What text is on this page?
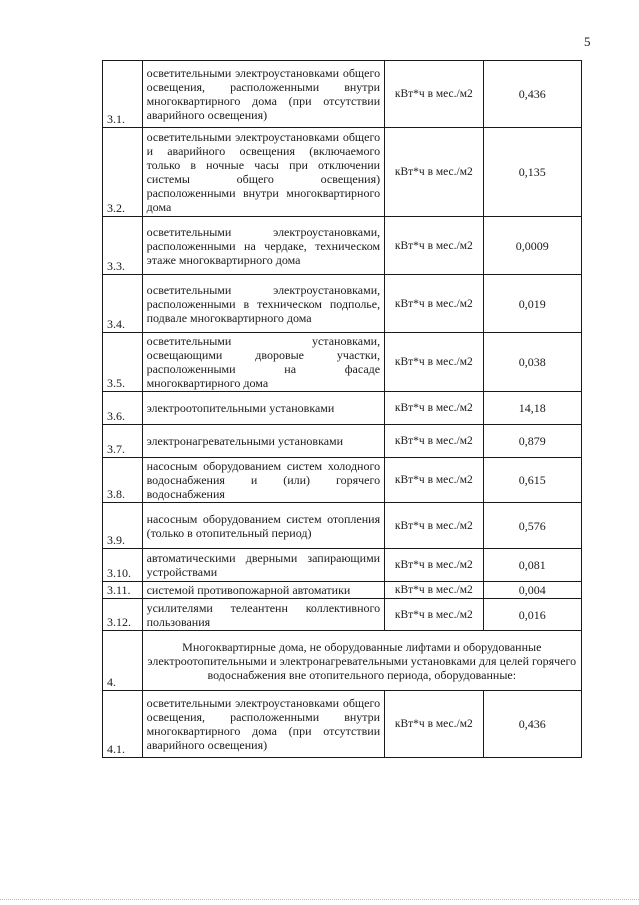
5
3.1.	осветительными электроустановками общего освещения, расположенными внутри многоквартирного дома (при отсутствии аварийного освещения)	кВт*ч в мес./м2	0,436
3.2.	осветительными электроустановками общего и аварийного освещения (включаемого только в ночные часы при отключении системы общего освещения) расположенными внутри многоквартирного дома	кВт*ч в мес./м2	0,135
3.3.	осветительными электроустановками, расположенными на чердаке, техническом этаже многоквартирного дома	кВт*ч в мес./м2	0,0009
3.4.	осветительными электроустановками, расположенными в техническом подполье, подвале многоквартирного дома	кВт*ч в мес./м2	0,019
3.5.	осветительными установками, освещающими дворовые участки, расположенными на фасаде многоквартирного дома	кВт*ч в мес./м2	0,038
3.6.	электроотопительными установками	кВт*ч в мес./м2	14,18
3.7.	электронагревательными установками	кВт*ч в мес./м2	0,879
3.8.	насосным оборудованием систем холодного водоснабжения и (или) горячего водоснабжения	кВт*ч в мес./м2	0,615
3.9.	насосным оборудованием систем отопления (только в отопительный период)	кВт*ч в мес./м2	0,576
3.10.	автоматическими дверными запирающими устройствами	кВт*ч в мес./м2	0,081
3.11.	системой противопожарной автоматики	кВт*ч в мес./м2	0,004
3.12.	усилителями телеантенн коллективного пользования	кВт*ч в мес./м2	0,016
4.	Многоквартирные дома, не оборудованные лифтами и оборудованные электроотопительными и электронагревательными установками для целей горячего водоснабжения вне отопительного периода, оборудованные:		
4.1.	осветительными электроустановками общего освещения, расположенными внутри многоквартирного дома (при отсутствии аварийного освещения)	кВт*ч в мес./м2	0,436
